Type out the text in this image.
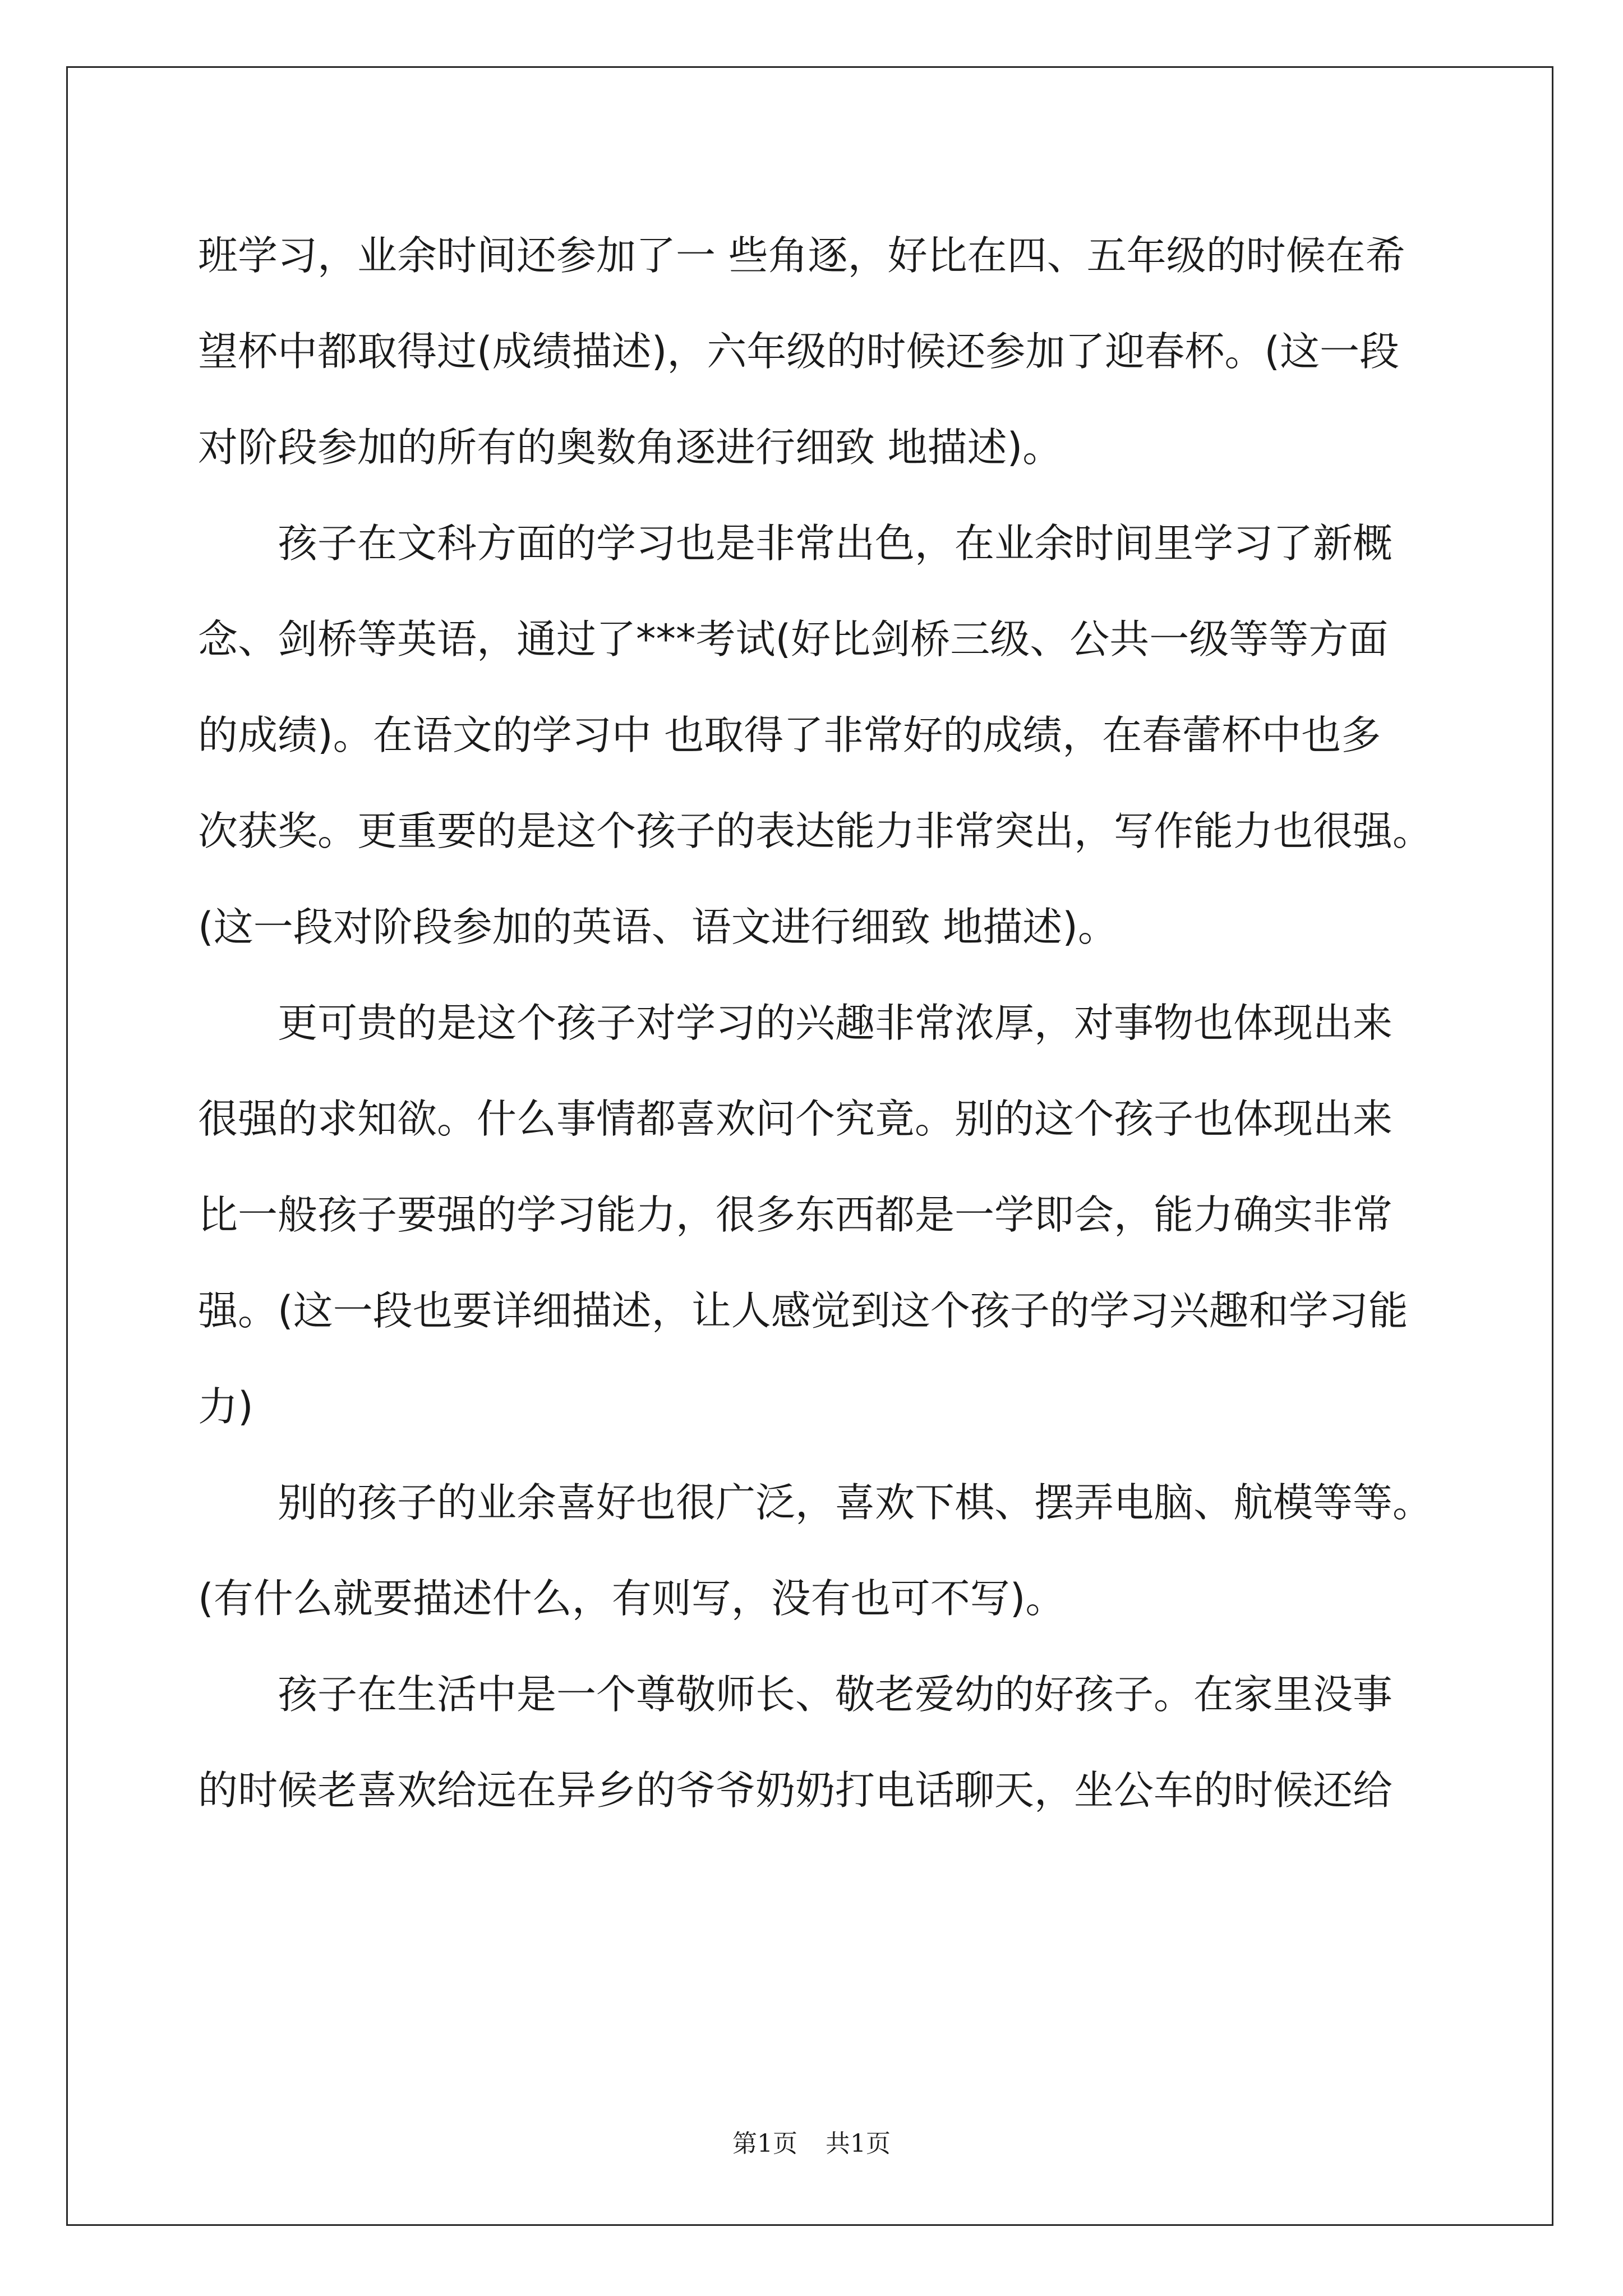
班学习，业余时间还参加了一 些角逐，好比在四、五年级的时候在希
望杯中都取得过(成绩描述)，六年级的时候还参加了迎春杯。(这一段
对阶段参加的所有的奥数角逐进行细致 地描述)。
孩子在文科方面的学习也是非常出色，在业余时间里学习了新概
念、剑桥等英语，通过了***考试(好比剑桥三级、公共一级等等方面
的成绩)。在语文的学习中 也取得了非常好的成绩，在春蕾杯中也多
次获奖。更重要的是这个孩子的表达能力非常突出，写作能力也很强。
(这一段对阶段参加的英语、语文进行细致 地描述)。
更可贵的是这个孩子对学习的兴趣非常浓厚，对事物也体现出来
很强的求知欲。什么事情都喜欢问个究竟。别的这个孩子也体现出来
比一般孩子要强的学习能力，很多东西都是一学即会，能力确实非常
强。(这一段也要详细描述，让人感觉到这个孩子的学习兴趣和学习能
力)
别的孩子的业余喜好也很广泛，喜欢下棋、摆弄电脑、航模等等。
(有什么就要描述什么，有则写，没有也可不写)。
孩子在生活中是一个尊敬师长、敬老爱幼的好孩子。在家里没事
的时候老喜欢给远在异乡的爷爷奶奶打电话聊天，坐公车的时候还给
第1页 共1页
